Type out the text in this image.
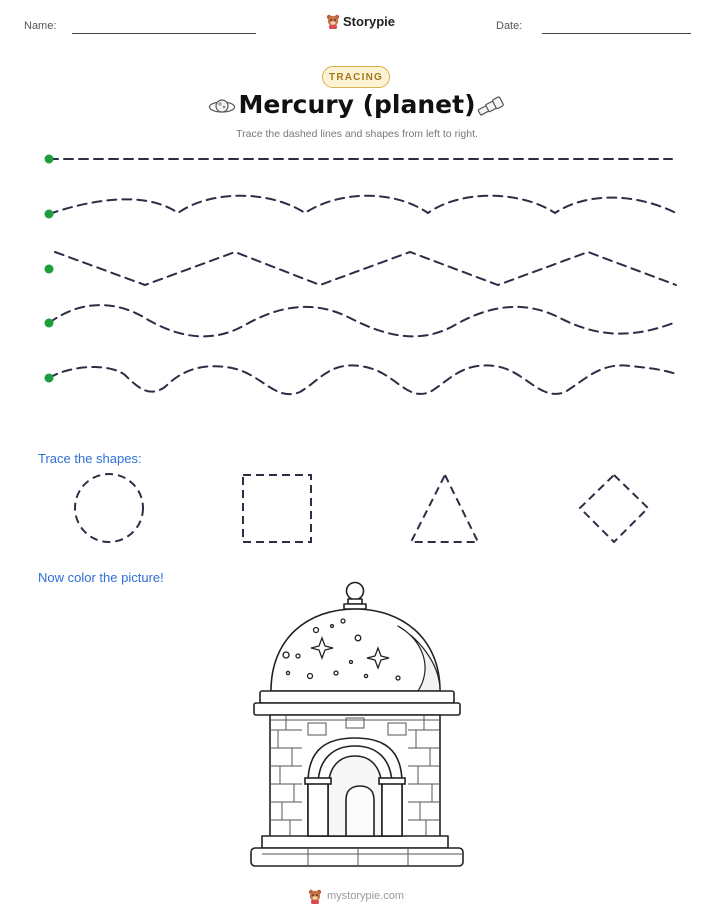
Name:	Storypie	Date:
TRACING
Mercury (planet)
Trace the dashed lines and shapes from left to right.
Trace the shapes:
Now color the picture!
mystorypie.com
